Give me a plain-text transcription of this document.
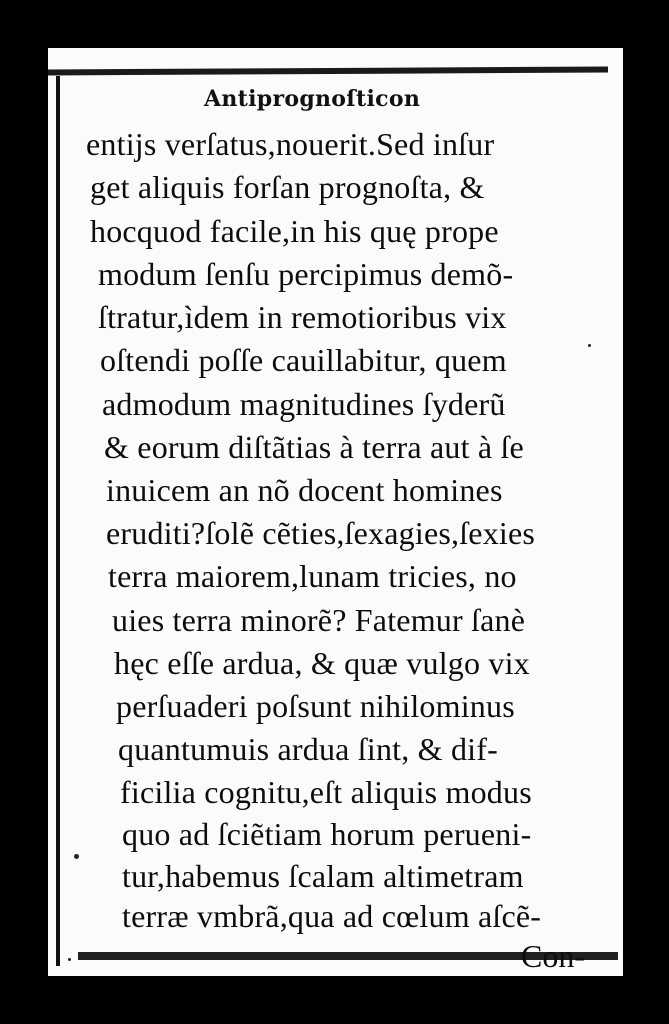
Antiprognoſticon
entijs verſatus,nouerit.Sed inſur
get aliquis forſan prognoſta, &
hocquod facile,in his quę prope
modum ſenſu percipimus demõ-
ſtratur,ìdem in remotioribus vix
oſtendi poſſe cauillabitur, quem
admodum magnitudines ſyderũ
& eorum diſtãtias à terra aut à ſe
inuicem an nõ docent homines
eruditi?ſolẽ cẽties,ſexagies,ſexies
terra maiorem,lunam tricies, no
uies terra minorẽ? Fatemur ſanè
hęc eſſe ardua, & quæ vulgo vix
perſuaderi poſsunt nihilominus
quantumuis ardua ſint, & dif-
ficilia cognitu,eſt aliquis modus
quo ad ſciẽtiam horum perueni-
tur,habemus ſcalam altimetram
terræ vmbrã,qua ad cœlum aſcẽ-
Con-
